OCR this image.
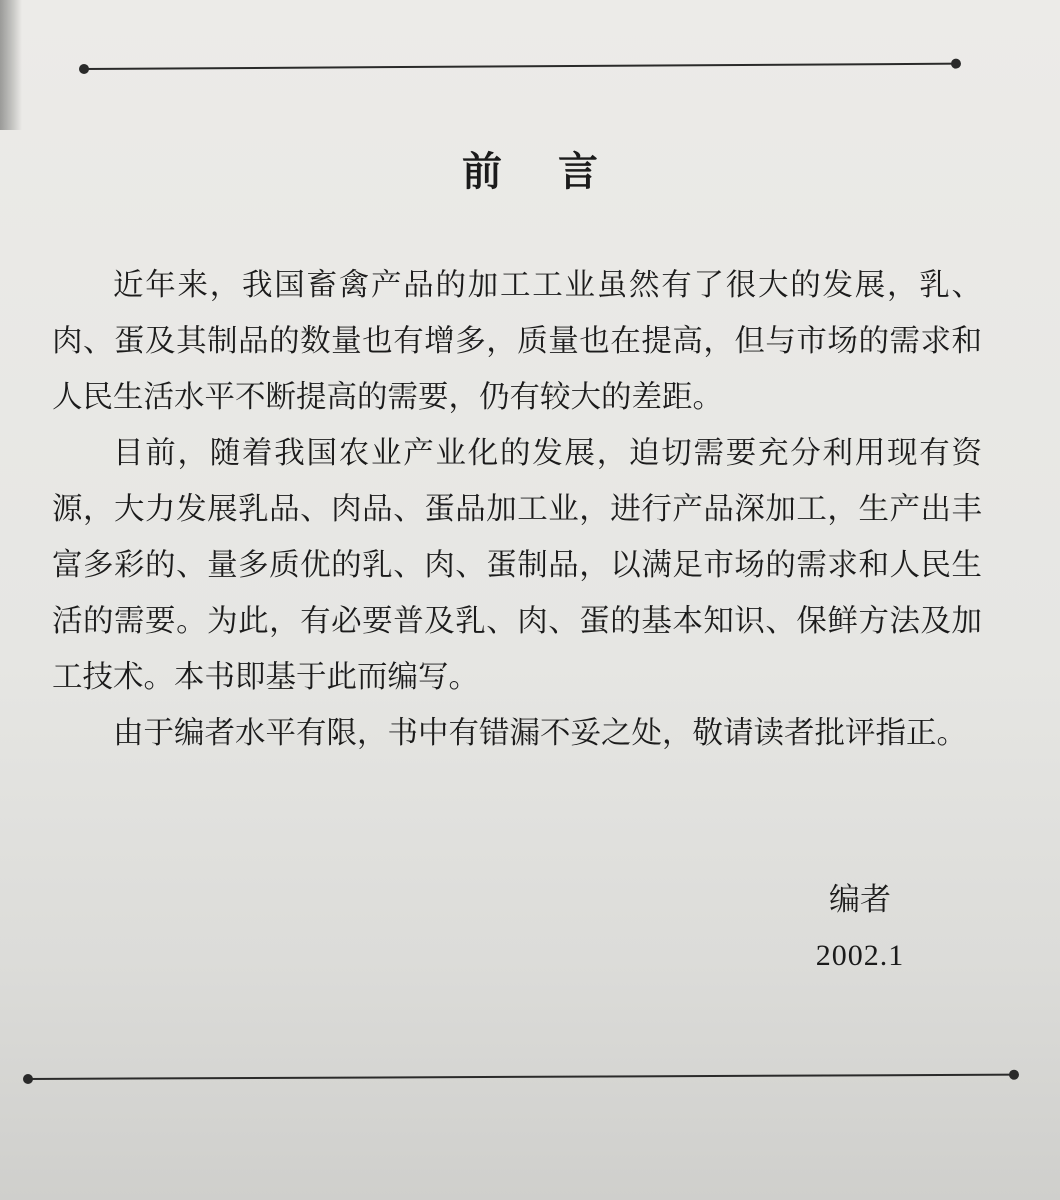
前言

近年来，我国畜禽产品的加工工业虽然有了很大的发展，乳、肉、蛋及其制品的数量也有增多，质量也在提高，但与市场的需求和人民生活水平不断提高的需要，仍有较大的差距。

目前，随着我国农业产业化的发展，迫切需要充分利用现有资源，大力发展乳品、肉品、蛋品加工业，进行产品深加工，生产出丰富多彩的、量多质优的乳、肉、蛋制品，以满足市场的需求和人民生活的需要。为此，有必要普及乳、肉、蛋的基本知识、保鲜方法及加工技术。本书即基于此而编写。

由于编者水平有限，书中有错漏不妥之处，敬请读者批评指正。

编者
2002.1
